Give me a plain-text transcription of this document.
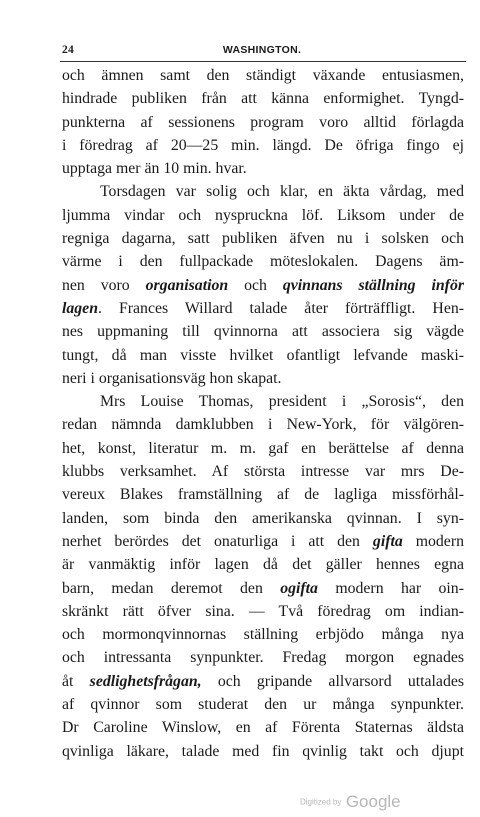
24	WASHINGTON.
och ämnen samt den ständigt växande entusiasmen,
hindrade publiken från att känna enformighet. Tyngd-
punkterna af sessionens program voro alltid förlagda
i föredrag af 20—25 min. längd. De öfriga fingo ej
upptaga mer än 10 min. hvar.
Torsdagen var solig och klar, en äkta vårdag, med
ljumma vindar och nyspruckna löf. Liksom under de
regniga dagarna, satt publiken äfven nu i solsken och
värme i den fullpackade möteslokalen. Dagens äm-
nen voro organisation och qvinnans ställning inför
lagen. Frances Willard talade åter förträffligt. Hen-
nes uppmaning till qvinnorna att associera sig vägde
tungt, då man visste hvilket ofantligt lefvande maski-
neri i organisationsväg hon skapat.
Mrs Louise Thomas, president i „Sorosis“, den
redan nämnda damklubben i New-York, för välgören-
het, konst, literatur m. m. gaf en berättelse af denna
klubbs verksamhet. Af största intresse var mrs De-
vereux Blakes framställning af de lagliga missförhål-
landen, som binda den amerikanska qvinnan. I syn-
nerhet berördes det onaturliga i att den gifta modern
är vanmäktig inför lagen då det gäller hennes egna
barn, medan deremot den ogifta modern har oin-
skränkt rätt öfver sina. — Två föredrag om indian-
och mormonqvinnornas ställning erbjödo många nya
och intressanta synpunkter. Fredag morgon egnades
åt sedlighetsfrågan, och gripande allvarsord uttalades
af qvinnor som studerat den ur många synpunkter.
Dr Caroline Winslow, en af Förenta Staternas äldsta
qvinliga läkare, talade med fin qvinlig takt och djupt
Digitized by Google
